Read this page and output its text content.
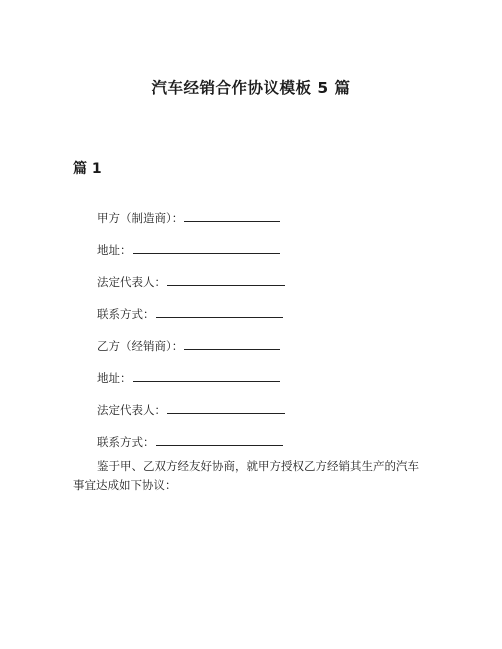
汽车经销合作协议模板 5 篇
篇 1
甲方（制造商）：
地址：
法定代表人：
联系方式：
乙方（经销商）：
地址：
法定代表人：
联系方式：
鉴于甲、乙双方经友好协商，就甲方授权乙方经销其生产的汽车
事宜达成如下协议：
